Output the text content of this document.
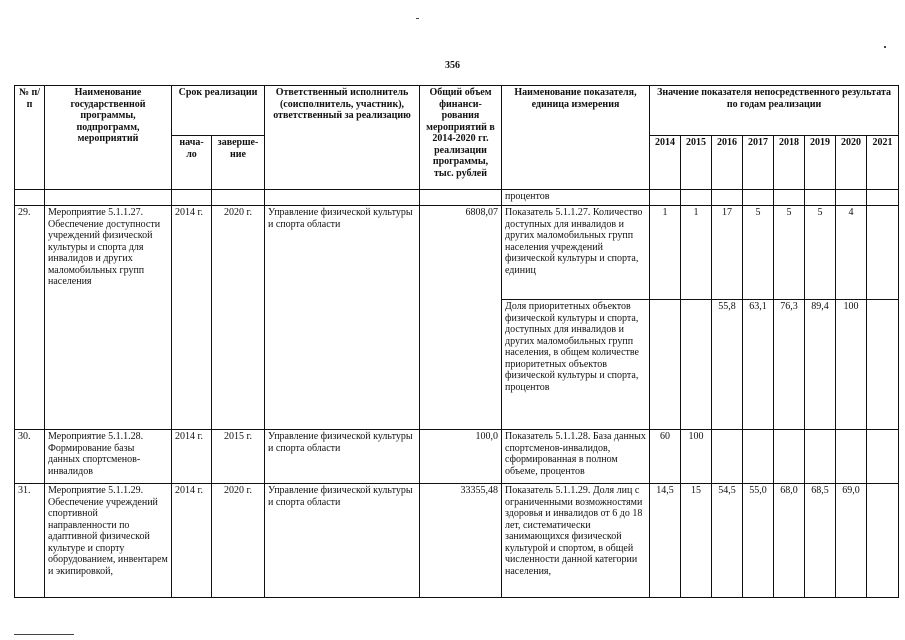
356
№ п/п	Наименование государственной программы, подпрограмм, мероприятий	Срок реализации		Ответственный исполнитель (соисполнитель, участник), ответственный за реализацию	Общий объем финанси-рования мероприятий в 2014-2020 гг. реализации программы, тыс. рублей	Наименование показателя, единица измерения	Значение показателя непосредственного результата по годам реализации							
		нача-ло	заверше-ние				2014	2015	2016	2017	2018	2019	2020	2021
						процентов								
29.	Мероприятие 5.1.1.27. Обеспечение доступности учреждений физической культуры и спорта для инвалидов и других маломобильных групп населения	2014 г.	2020 г.	Управление физической культуры и спорта области	6808,07	Показатель 5.1.1.27. Количество доступных для инвалидов и других маломобильных групп населения учреждений физической культуры и спорта, единиц	1	1	17	5	5	5	4	
						Доля приоритетных объектов физической культуры и спорта, доступных для инвалидов и других маломобильных групп населения, в общем количестве приоритетных объектов физической культуры и спорта, процентов			55,8	63,1	76,3	89,4	100	
30.	Мероприятие 5.1.1.28. Формирование базы данных спортсменов-инвалидов	2014 г.	2015 г.	Управление физической культуры и спорта области	100,0	Показатель 5.1.1.28. База данных спортсменов-инвалидов, сформированная в полном объеме, процентов	60	100						
31.	Мероприятие 5.1.1.29. Обеспечение учреждений спортивной направленности по адаптивной физической культуре и спорту оборудованием, инвентарем и экипировкой,	2014 г.	2020 г.	Управление физической культуры и спорта области	33355,48	Показатель 5.1.1.29. Доля лиц с ограниченными возможностями здоровья и инвалидов от 6 до 18 лет, систематически занимающихся физической культурой и спортом, в общей численности данной категории населения,	14,5	15	54,5	55,0	68,0	68,5	69,0	
